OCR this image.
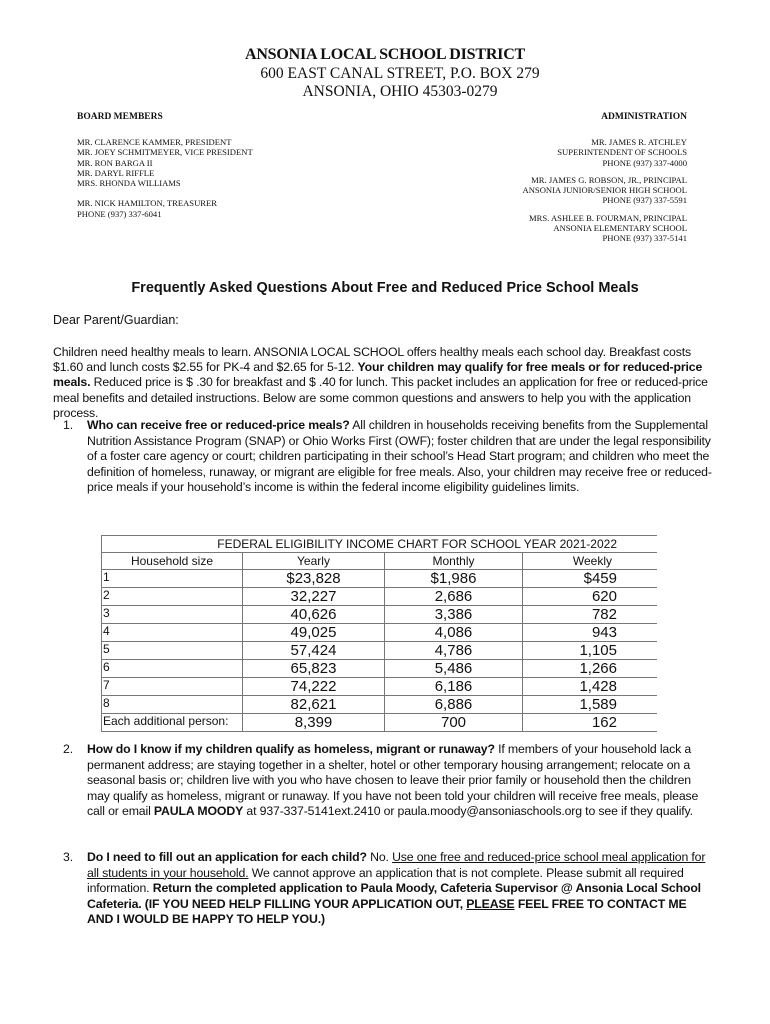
ANSONIA LOCAL SCHOOL DISTRICT
600 EAST CANAL STREET, P.O. BOX 279
ANSONIA, OHIO 45303-0279
BOARD MEMBERS	ADMINISTRATION
MR. CLARENCE KAMMER, PRESIDENT
MR. JOEY SCHMITMEYER, VICE PRESIDENT
MR. RON BARGA II
MR. DARYL RIFFLE
MRS. RHONDA WILLIAMS
MR. NICK HAMILTON, TREASURER
PHONE (937) 337-6041
MR. JAMES R. ATCHLEY
SUPERINTENDENT OF SCHOOLS
PHONE (937) 337-4000
MR. JAMES G. ROBSON, JR., PRINCIPAL
ANSONIA JUNIOR/SENIOR HIGH SCHOOL
PHONE (937) 337-5591
MRS. ASHLEE B. FOURMAN, PRINCIPAL
ANSONIA ELEMENTARY SCHOOL
PHONE (937) 337-5141
Frequently Asked Questions About Free and Reduced Price School Meals
Dear Parent/Guardian:
Children need healthy meals to learn. ANSONIA LOCAL SCHOOL offers healthy meals each school day. Breakfast costs $1.60 and lunch costs $2.55 for PK-4 and $2.65 for 5-12. Your children may qualify for free meals or for reduced-price meals. Reduced price is $ .30 for breakfast and $ .40 for lunch. This packet includes an application for free or reduced-price meal benefits and detailed instructions. Below are some common questions and answers to help you with the application process.
1. Who can receive free or reduced-price meals? All children in households receiving benefits from the Supplemental Nutrition Assistance Program (SNAP) or Ohio Works First (OWF); foster children that are under the legal responsibility of a foster care agency or court; children participating in their school’s Head Start program; and children who meet the definition of homeless, runaway, or migrant are eligible for free meals. Also, your children may receive free or reduced-price meals if your household’s income is within the federal income eligibility guidelines limits.
FEDERAL ELIGIBILITY INCOME CHART FOR SCHOOL YEAR 2021-2022			
Household size	Yearly	Monthly	Weekly
1	$23,828	$1,986	$459
2	32,227	2,686	620
3	40,626	3,386	782
4	49,025	4,086	943
5	57,424	4,786	1,105
6	65,823	5,486	1,266
7	74,222	6,186	1,428
8	82,621	6,886	1,589
Each additional person:	8,399	700	162
2. How do I know if my children qualify as homeless, migrant or runaway? If members of your household lack a permanent address; are staying together in a shelter, hotel or other temporary housing arrangement; relocate on a seasonal basis or; children live with you who have chosen to leave their prior family or household then the children may qualify as homeless, migrant or runaway. If you have not been told your children will receive free meals, please call or email PAULA MOODY at 937-337-5141ext.2410 or paula.moody@ansoniaschools.org to see if they qualify.
3. Do I need to fill out an application for each child? No. Use one free and reduced-price school meal application for all students in your household. We cannot approve an application that is not complete. Please submit all required information. Return the completed application to Paula Moody, Cafeteria Supervisor @ Ansonia Local School Cafeteria. (IF YOU NEED HELP FILLING YOUR APPLICATION OUT, PLEASE FEEL FREE TO CONTACT ME AND I WOULD BE HAPPY TO HELP YOU.)
